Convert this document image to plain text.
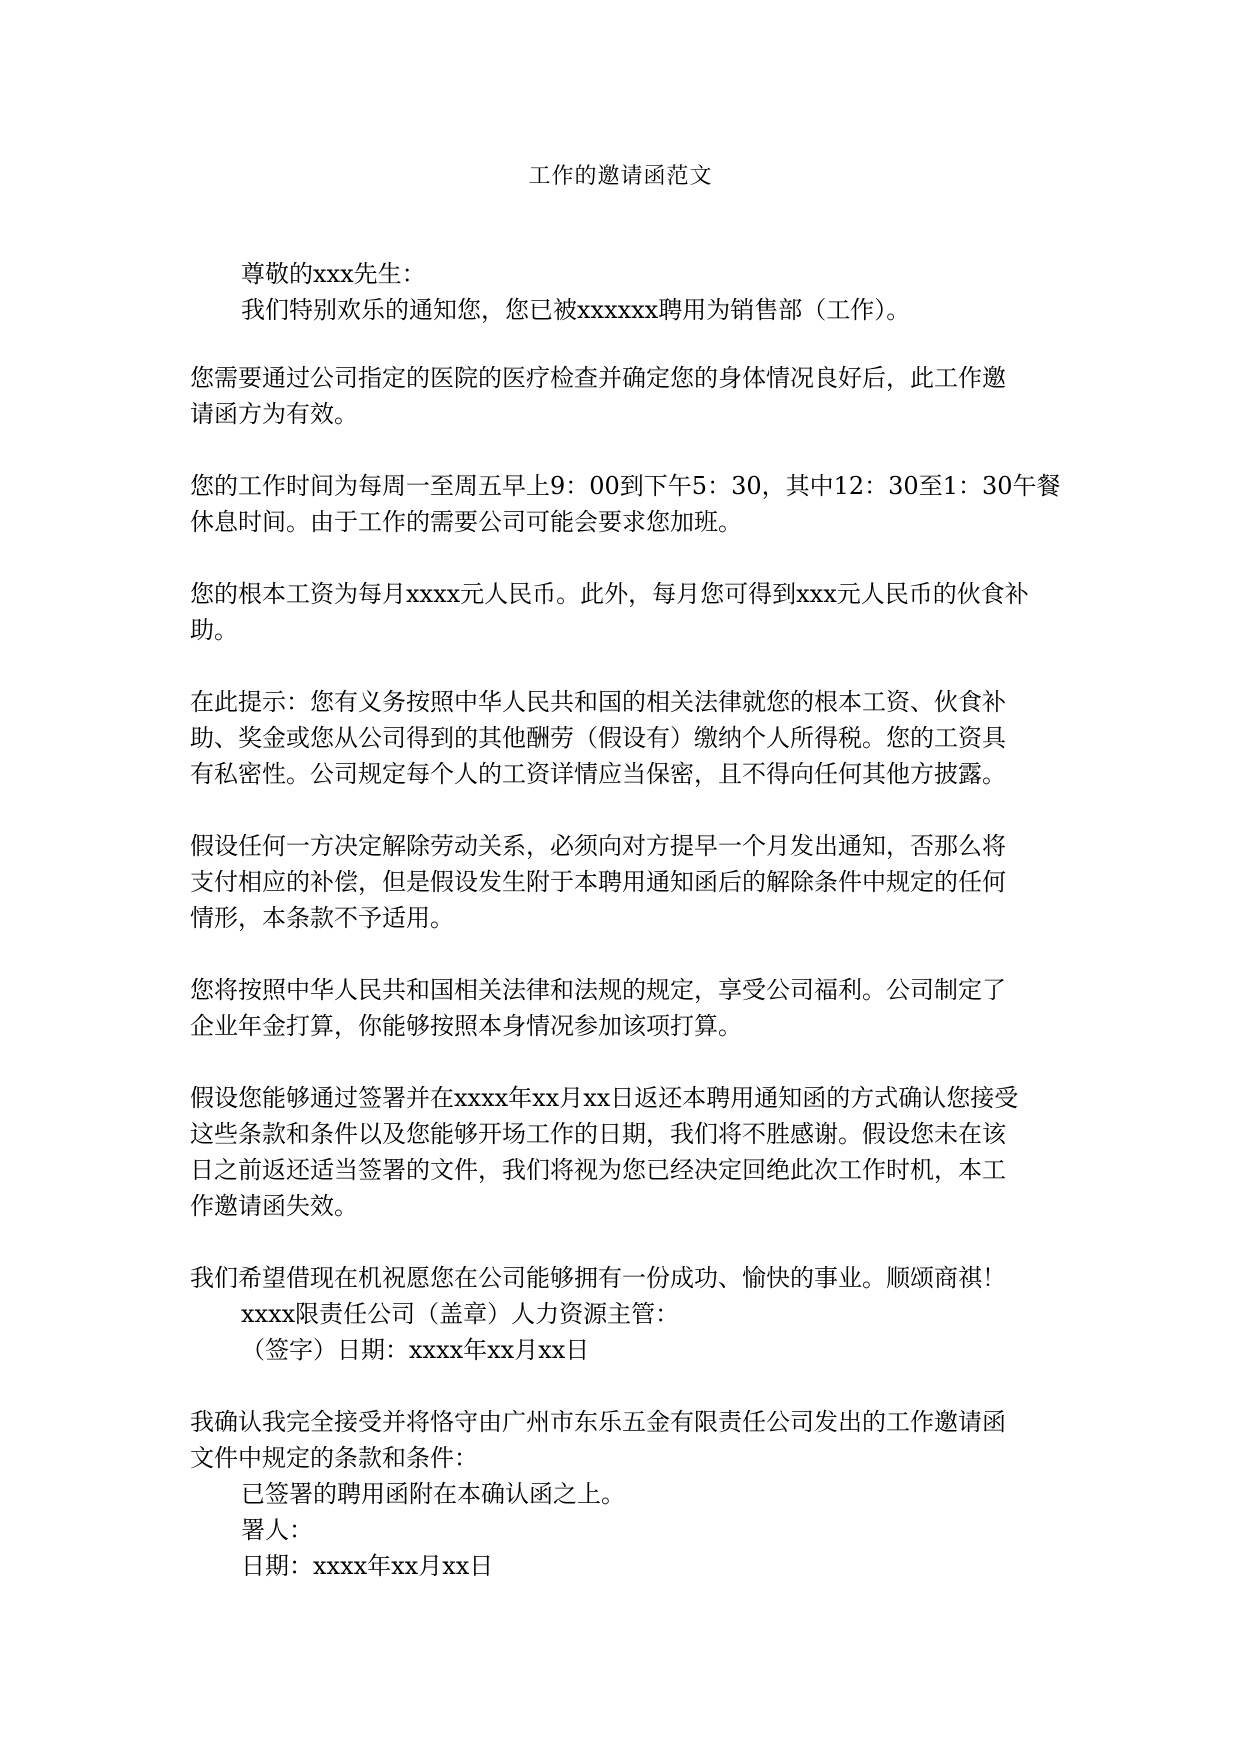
工作的邀请函范文
尊敬的xxx先生：
我们特别欢乐的通知您，您已被xxxxxx聘用为销售部（工作）。
您需要通过公司指定的医院的医疗检查并确定您的身体情况良好后，此工作邀
请函方为有效。
您的工作时间为每周一至周五早上9：00到下午5：30，其中12：30至1：30午餐
休息时间。由于工作的需要公司可能会要求您加班。
您的根本工资为每月xxxx元人民币。此外，每月您可得到xxx元人民币的伙食补
助。
在此提示：您有义务按照中华人民共和国的相关法律就您的根本工资、伙食补
助、奖金或您从公司得到的其他酬劳（假设有）缴纳个人所得税。您的工资具
有私密性。公司规定每个人的工资详情应当保密，且不得向任何其他方披露。
假设任何一方决定解除劳动关系，必须向对方提早一个月发出通知，否那么将
支付相应的补偿，但是假设发生附于本聘用通知函后的解除条件中规定的任何
情形，本条款不予适用。
您将按照中华人民共和国相关法律和法规的规定，享受公司福利。公司制定了
企业年金打算，你能够按照本身情况参加该项打算。
假设您能够通过签署并在xxxx年xx月xx日返还本聘用通知函的方式确认您接受
这些条款和条件以及您能够开场工作的日期，我们将不胜感谢。假设您未在该
日之前返还适当签署的文件，我们将视为您已经决定回绝此次工作时机，本工
作邀请函失效。
我们希望借现在机祝愿您在公司能够拥有一份成功、愉快的事业。顺颂商祺！
xxxx限责任公司（盖章）人力资源主管：
（签字）日期：xxxx年xx月xx日
我确认我完全接受并将恪守由广州市东乐五金有限责任公司发出的工作邀请函
文件中规定的条款和条件：
已签署的聘用函附在本确认函之上。
署人：
日期：xxxx年xx月xx日
